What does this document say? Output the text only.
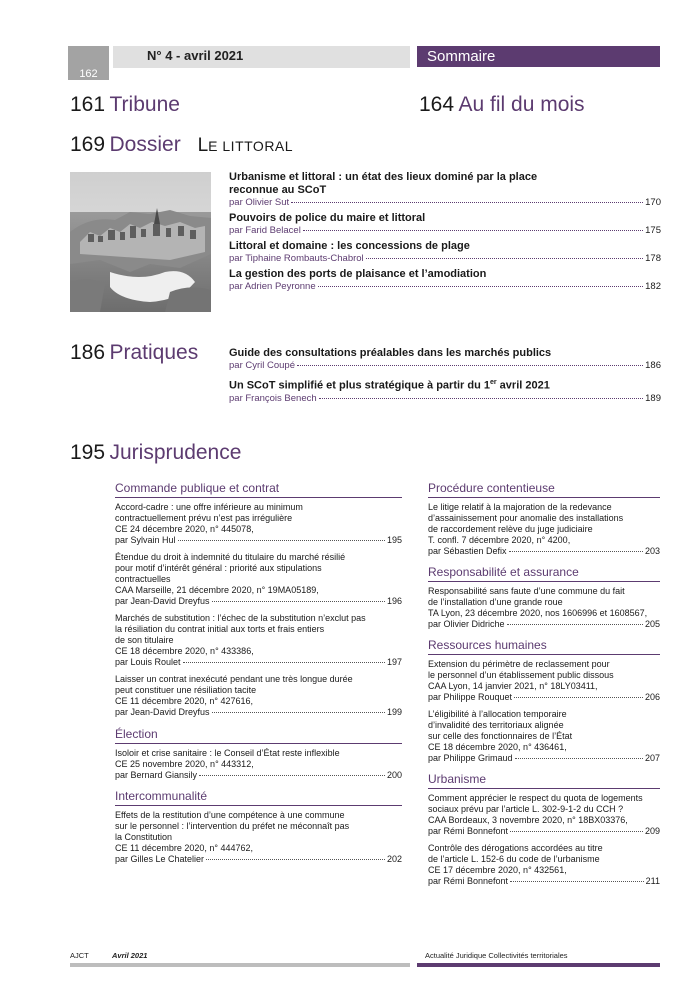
162
N° 4 - avril 2021	Sommaire
161 Tribune	164 Au fil du mois
169 Dossier LE LITTORAL
Urbanisme et littoral : un état des lieux dominé par la place
reconnue au SCoT
par Olivier Sut	170
Pouvoirs de police du maire et littoral
par Farid Belacel	175
Littoral et domaine : les concessions de plage
par Tiphaine Rombauts-Chabrol	178
La gestion des ports de plaisance et l’amodiation
par Adrien Peyronne	182
186 Pratiques	Guide des consultations préalables dans les marchés publics
par Cyril Coupé	186
Un SCoT simplifié et plus stratégique à partir du 1er avril 2021
par François Benech	189
195 Jurisprudence
Commande publique et contrat
Accord-cadre : une offre inférieure au minimum
contractuellement prévu n’est pas irrégulière
CE 24 décembre 2020, n° 445078,
par Sylvain Hul	195
Étendue du droit à indemnité du titulaire du marché résilié
pour motif d’intérêt général : priorité aux stipulations
contractuelles
CAA Marseille, 21 décembre 2020, n° 19MA05189,
par Jean-David Dreyfus	196
Marchés de substitution : l’échec de la substitution n’exclut pas
la résiliation du contrat initial aux torts et frais entiers
de son titulaire
CE 18 décembre 2020, n° 433386,
par Louis Roulet	197
Laisser un contrat inexécuté pendant une très longue durée
peut constituer une résiliation tacite
CE 11 décembre 2020, n° 427616,
par Jean-David Dreyfus	199
Élection
Isoloir et crise sanitaire : le Conseil d’État reste inflexible
CE 25 novembre 2020, n° 443312,
par Bernard Giansily	200
Intercommunalité
Effets de la restitution d’une compétence à une commune
sur le personnel : l’intervention du préfet ne méconnaît pas
la Constitution
CE 11 décembre 2020, n° 444762,
par Gilles Le Chatelier	202
Procédure contentieuse
Le litige relatif à la majoration de la redevance
d’assainissement pour anomalie des installations
de raccordement relève du juge judiciaire
T. confl. 7 décembre 2020, n° 4200,
par Sébastien Defix	203
Responsabilité et assurance
Responsabilité sans faute d’une commune du fait
de l’installation d’une grande roue
TA Lyon, 23 décembre 2020, nos 1606996 et 1608567,
par Olivier Didriche	205
Ressources humaines
Extension du périmètre de reclassement pour
le personnel d’un établissement public dissous
CAA Lyon, 14 janvier 2021, n° 18LY03411,
par Philippe Rouquet	206
L’éligibilité à l’allocation temporaire
d’invalidité des territoriaux alignée
sur celle des fonctionnaires de l’État
CE 18 décembre 2020, n° 436461,
par Philippe Grimaud	207
Urbanisme
Comment apprécier le respect du quota de logements
sociaux prévu par l’article L. 302-9-1-2 du CCH ?
CAA Bordeaux, 3 novembre 2020, n° 18BX03376,
par Rémi Bonnefont	209
Contrôle des dérogations accordées au titre
de l’article L. 152-6 du code de l’urbanisme
CE 17 décembre 2020, n° 432561,
par Rémi Bonnefont	211
AJCT	Avril 2021	Actualité Juridique Collectivités territoriales
